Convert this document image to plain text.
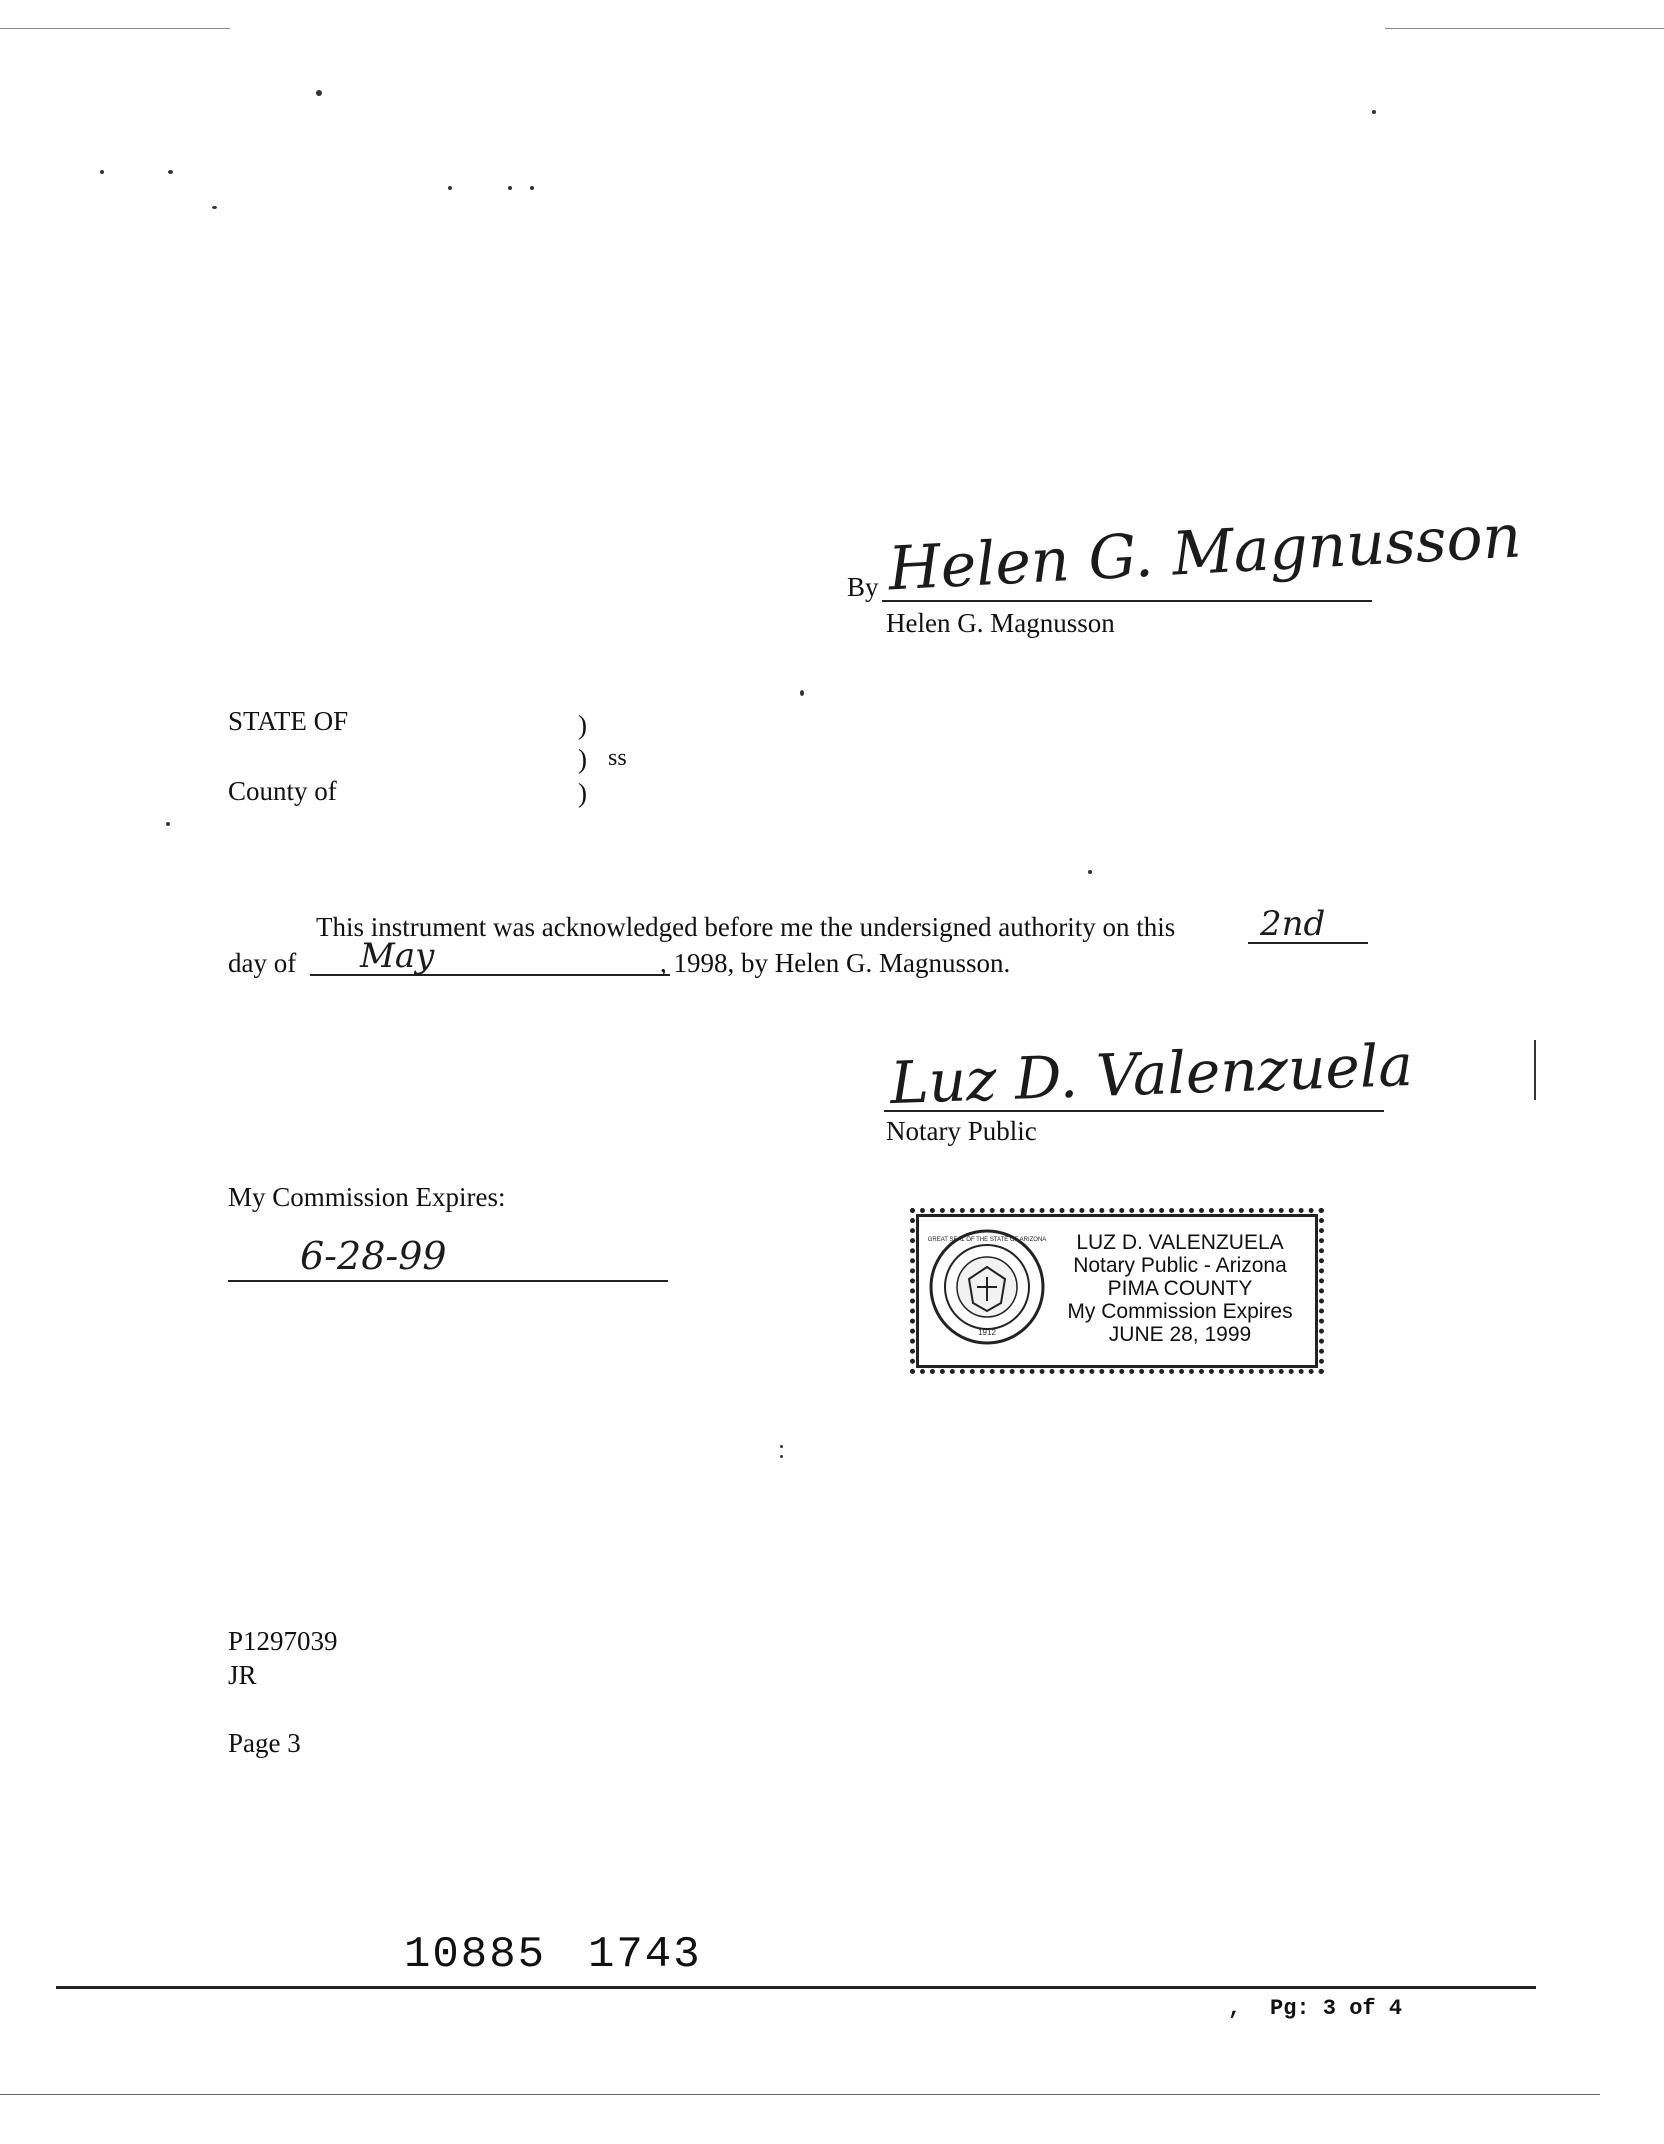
By Helen G. Magnusson
Helen G. Magnusson
STATE OF	)
) ss
County of	)
This instrument was acknowledged before me the undersigned authority on this 2nd
day of May	, 1998, by Helen G. Magnusson.
Luz D. Valenzuela
Notary Public
My Commission Expires:
6-28-99
1912
GREAT SEAL OF THE STATE OF ARIZONA	LUZ D. VALENZUELA
Notary Public - Arizona
PIMA COUNTY
My Commission Expires
JUNE 28, 1999
P1297039
JR
Page 3
10885 1743
, Pg: 3 of 4
